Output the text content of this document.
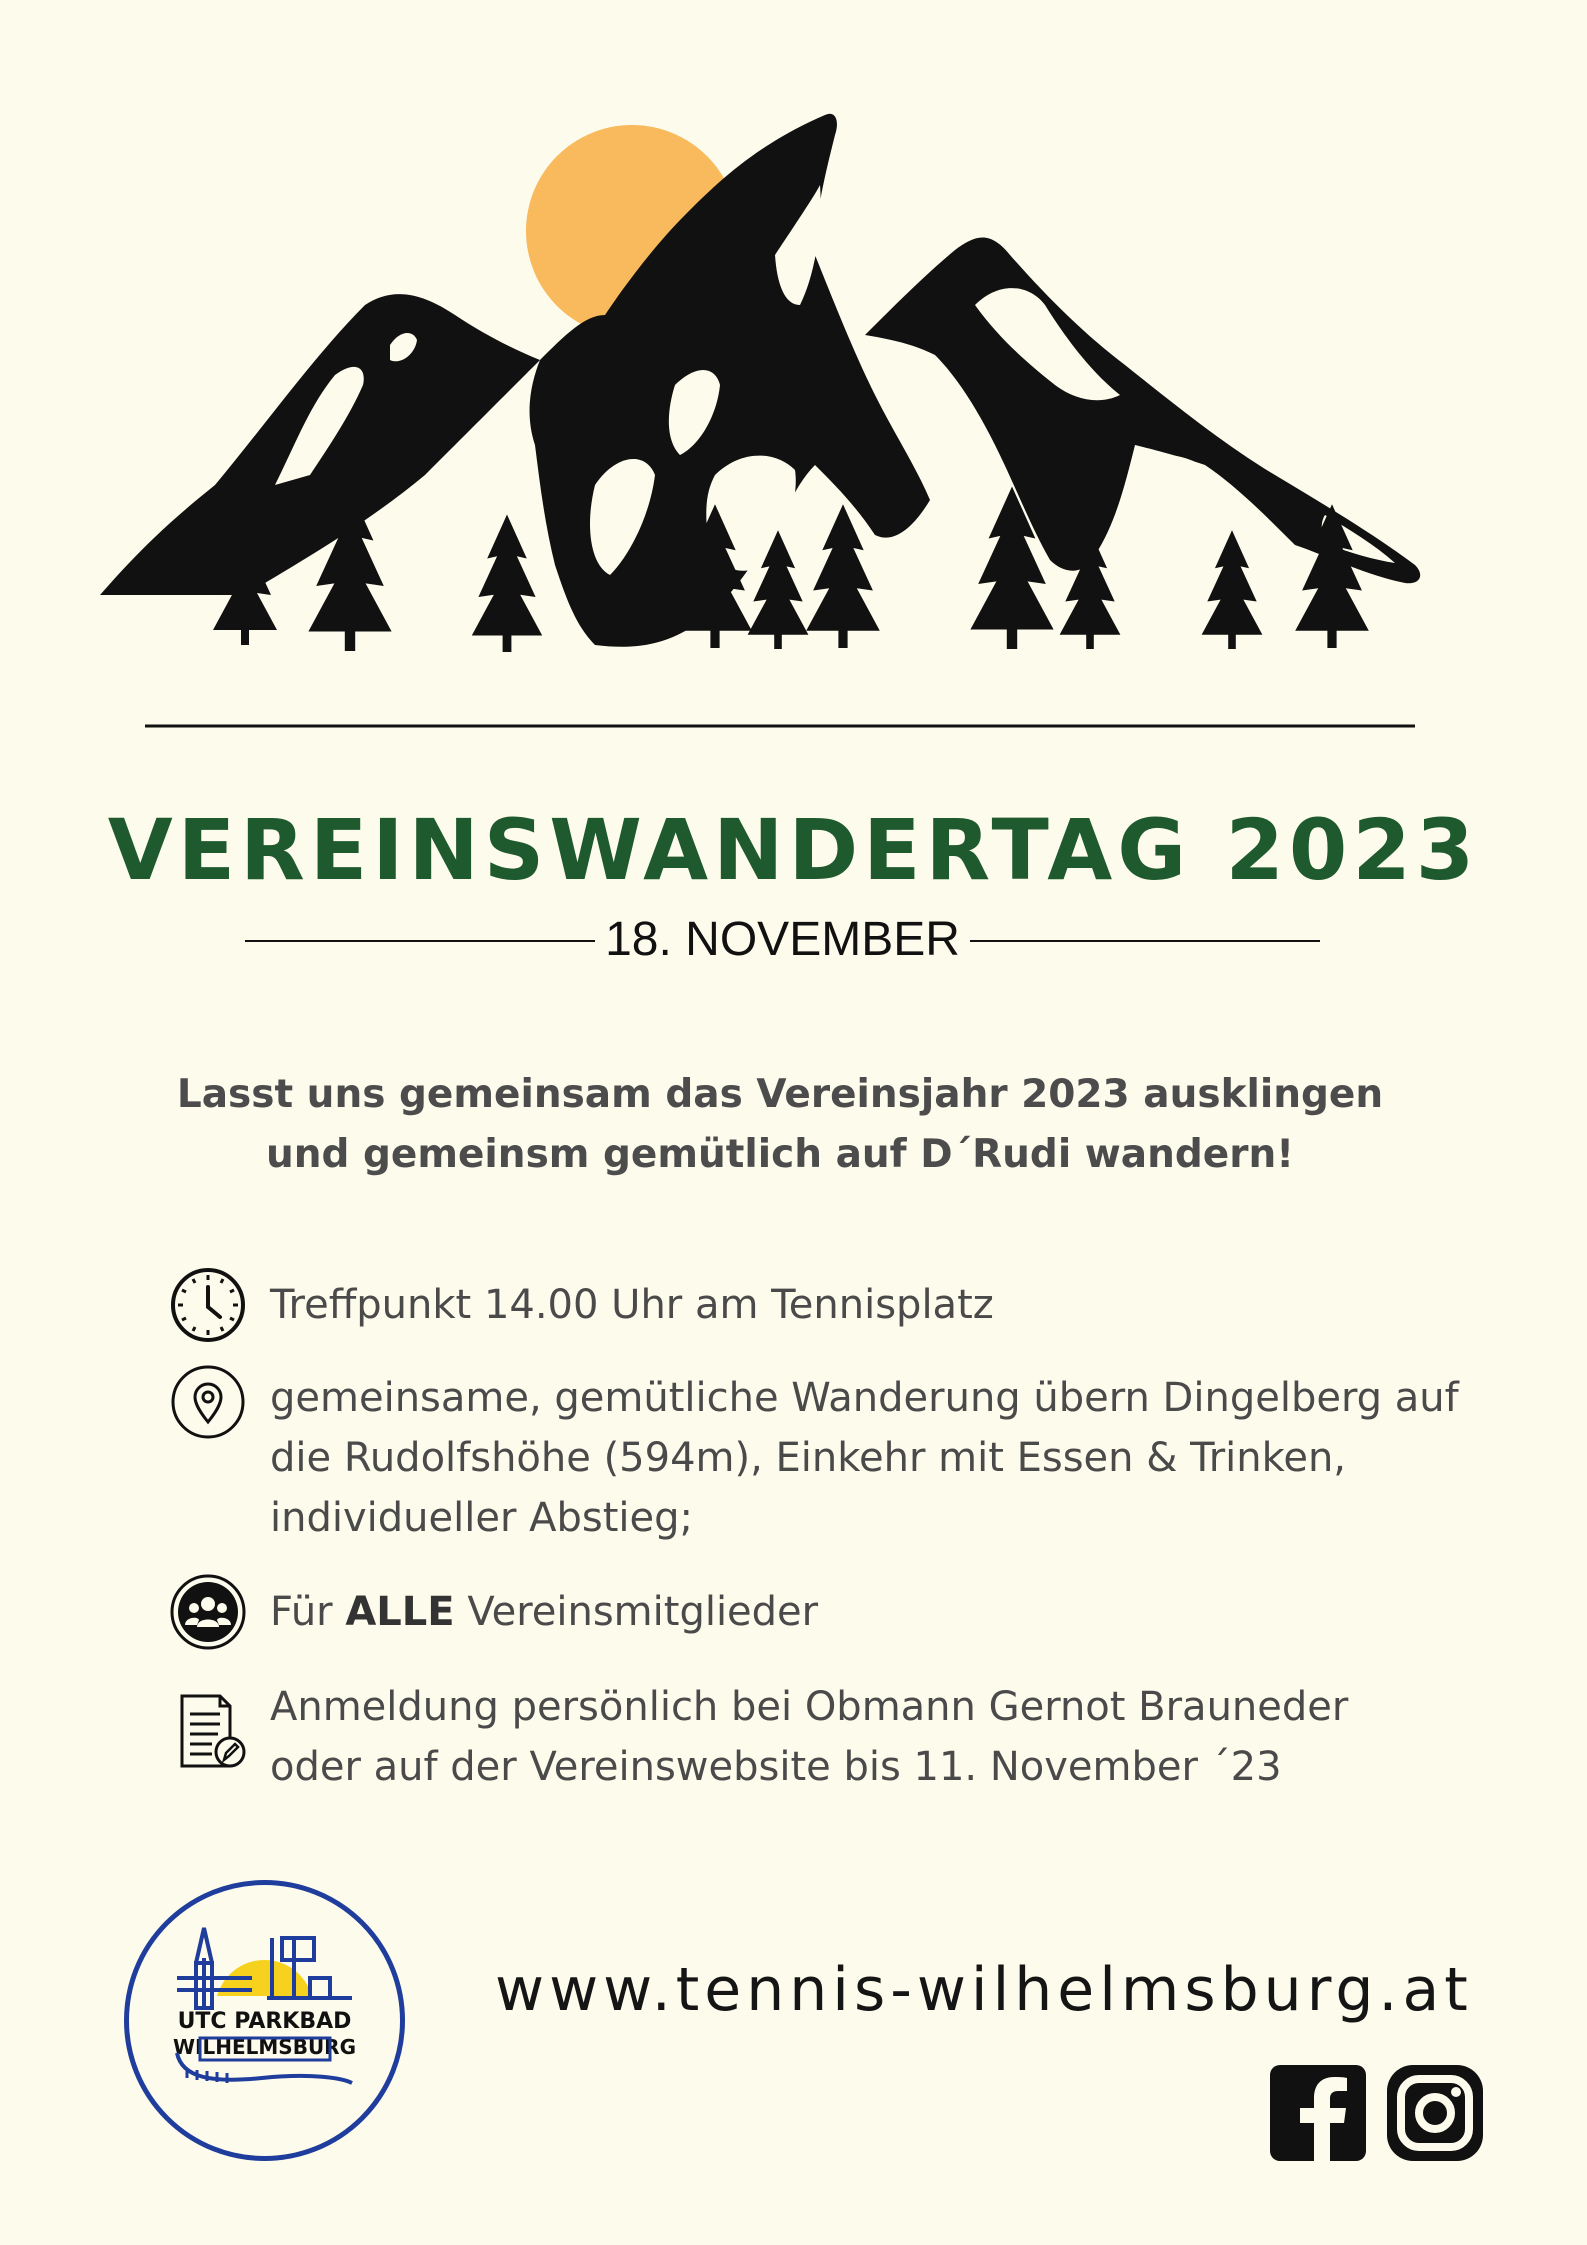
VEREINSWANDERTAG 2023
18. NOVEMBER
Lasst uns gemeinsam das Vereinsjahr 2023 ausklingen
und gemeinsm gemütlich auf D´Rudi wandern!
Treffpunkt 14.00 Uhr am Tennisplatz
gemeinsame, gemütliche Wanderung übern Dingelberg auf
die Rudolfshöhe (594m), Einkehr mit Essen & Trinken,
individueller Abstieg;
Für ALLE Vereinsmitglieder
Anmeldung persönlich bei Obmann Gernot Brauneder
oder auf der Vereinswebsite bis 11. November ´23
UTC PARKBAD
WILHELMSBURG
www.tennis-wilhelmsburg.at
